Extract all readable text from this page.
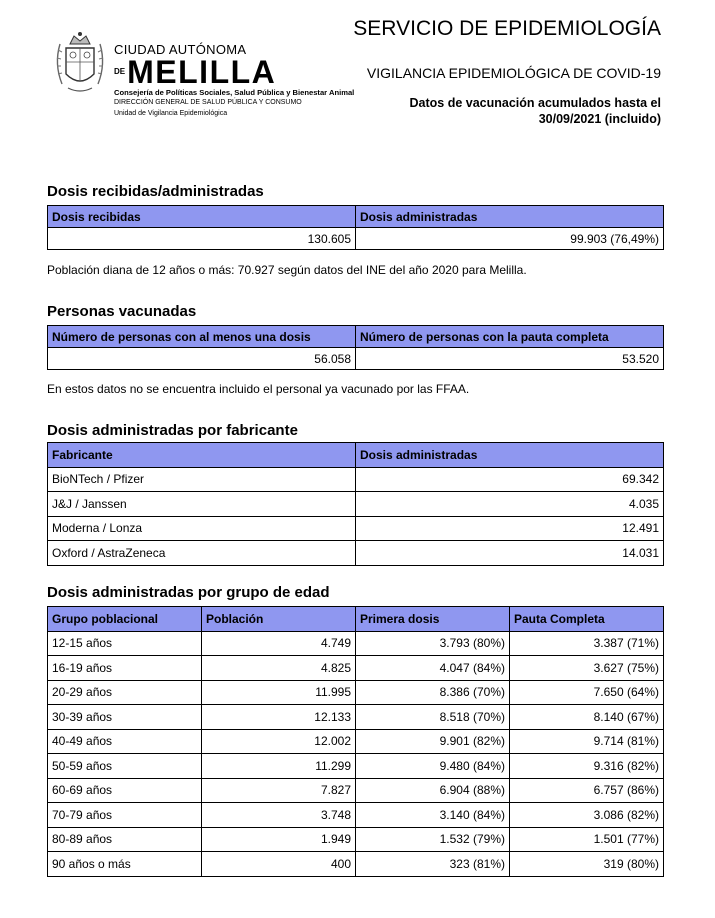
CIUDAD AUTÓNOMA
$^{DE}$MELILLA
Consejería de Políticas Sociales, Salud Pública y Bienestar Animal
DIRECCIÓN GENERAL DE SALUD PÚBLICA Y CONSUMO
Unidad de Vigilancia Epidemiológica
SERVICIO DE EPIDEMIOLOGÍA
VIGILANCIA EPIDEMIOLÓGICA DE COVID-19
Datos de vacunación acumulados hasta el
30/09/2021 (incluido)
Dosis recibidas/administradas
Dosis recibidas	Dosis administradas
130.605	99.903 (76,49%)
Población diana de 12 años o más: 70.927 según datos del INE del año 2020 para Melilla.
Personas vacunadas
Número de personas con al menos una dosis	Número de personas con la pauta completa
56.058	53.520
En estos datos no se encuentra incluido el personal ya vacunado por las FFAA.
Dosis administradas por fabricante
Fabricante	Dosis administradas
BioNTech / Pfizer	69.342
J&J / Janssen	4.035
Moderna / Lonza	12.491
Oxford / AstraZeneca	14.031
Dosis administradas por grupo de edad
Grupo poblacional	Población	Primera dosis	Pauta Completa
12-15 años	4.749	3.793 (80%)	3.387 (71%)
16-19 años	4.825	4.047 (84%)	3.627 (75%)
20-29 años	11.995	8.386 (70%)	7.650 (64%)
30-39 años	12.133	8.518 (70%)	8.140 (67%)
40-49 años	12.002	9.901 (82%)	9.714 (81%)
50-59 años	11.299	9.480 (84%)	9.316 (82%)
60-69 años	7.827	6.904 (88%)	6.757 (86%)
70-79 años	3.748	3.140 (84%)	3.086 (82%)
80-89 años	1.949	1.532 (79%)	1.501 (77%)
90 años o más	400	323 (81%)	319 (80%)
